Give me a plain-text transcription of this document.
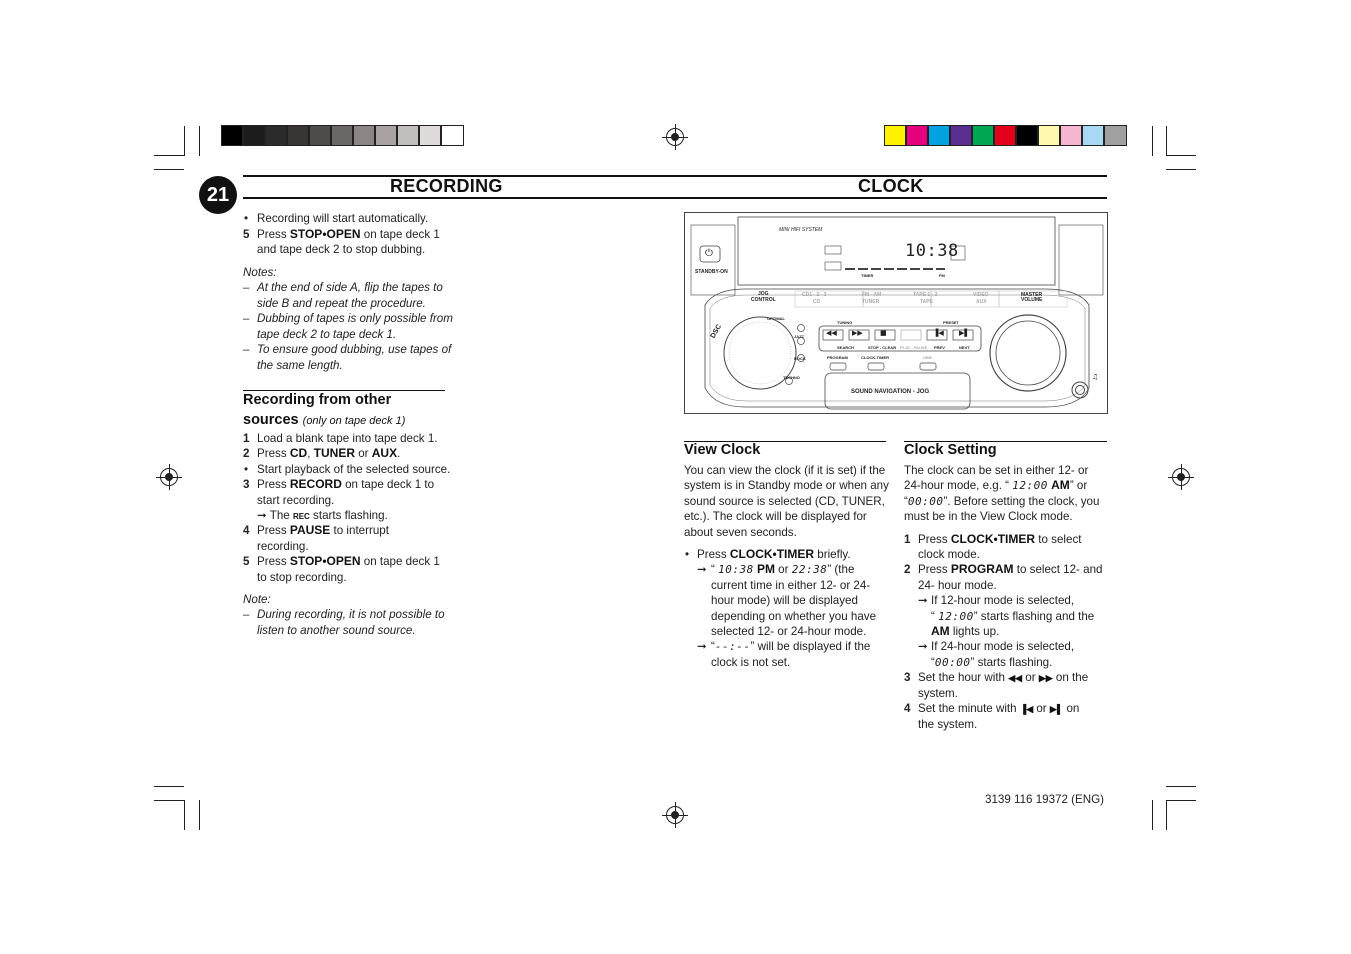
21	RECORDING	CLOCK
• Recording will start automatically.
5 Press STOP•OPEN on tape deck 1
and tape deck 2 to stop dubbing.
Notes:
– At the end of side A, flip the tapes to
side B and repeat the procedure.
– Dubbing of tapes is only possible from
tape deck 2 to tape deck 1.
– To ensure good dubbing, use tapes of
the same length.
Recording from other
sources (only on tape deck 1)
1 Load a blank tape into tape deck 1.
2 Press CD, TUNER or AUX.
• Start playback of the selected source.
3 Press RECORD on tape deck 1 to
start recording.
➞ The REC starts flashing.
4 Press PAUSE to interrupt
recording.
5 Press STOP•OPEN on tape deck 1
to stop recording.
Note:
– During recording, it is not possible to
listen to another sound source.
MINI HIFI SYSTEM
10:38
TIMER	FM
⏻
STANDBY-ON
JOG
CONTROL
DSC
OPTIMAL
JAZZ
ROCK
TECHNO
CD1 - 2 - 3	FM - AM	TAPE 1 - 2	VIDEO
CD	TUNER	TAPE	AUX
MASTER
VOLUME
TUNING	PRESET
SEARCH	STOP - CLEAR PLAY - PAUSE PREV	NEXT
PROGRAM	CLOCK-TIMER	DBB
SOUND NAVIGATION - JOG
◀◀ ▶▶ ■	▐◀ ▶▌
♫
View Clock
You can view the clock (if it is set) if the
system is in Standby mode or when any
sound source is selected (CD, TUNER,
etc.). The clock will be displayed for
about seven seconds.
• Press CLOCK•TIMER briefly.
➞ “ 10:38 PM or 22:38” (the
current time in either 12- or 24-
hour mode) will be displayed
depending on whether you have
selected 12- or 24-hour mode.
➞ “--:--” will be displayed if the
clock is not set.
Clock Setting
The clock can be set in either 12- or
24-hour mode, e.g. “ 12:00 AM” or
“00:00”. Before setting the clock, you
must be in the View Clock mode.
1 Press CLOCK•TIMER to select
clock mode.
2 Press PROGRAM to select 12- and
24- hour mode.
➞ If 12-hour mode is selected,
“ 12:00” starts flashing and the
AM lights up.
➞ If 24-hour mode is selected,
“00:00” starts flashing.
3 Set the hour with ◀◀ or ▶▶ on the
system.
4 Set the minute with ▐◀ or ▶▌ on
the system.
3139 116 19372 (ENG)
